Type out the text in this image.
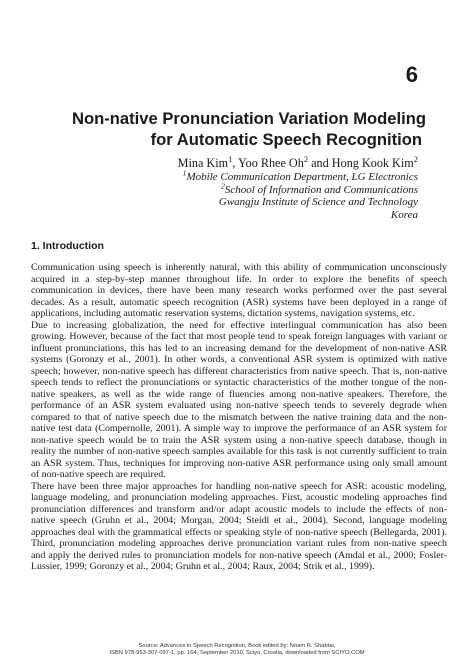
6
Non-native Pronunciation Variation Modeling
for Automatic Speech Recognition
Mina Kim$^1$, Yoo Rhee Oh$^2$ and Hong Kook Kim$^2$
$^1$Mobile Communication Department, LG Electronics
$^2$School of Information and Communications
Gwangju Institute of Science and Technology
Korea
1. Introduction

Communication using speech is inherently natural, with this ability of communication unconsciously acquired in a step-by-step manner throughout life. In order to explore the benefits of speech communication in devices, there have been many research works performed over the past several decades. As a result, automatic speech recognition (ASR) systems have been deployed in a range of applications, including automatic reservation systems, dictation systems, navigation systems, etc.

Due to increasing globalization, the need for effective interlingual communication has also been growing. However, because of the fact that most people tend to speak foreign languages with variant or influent pronunciations, this has led to an increasing demand for the development of non-native ASR systems (Goronzy et al., 2001). In other words, a conventional ASR system is optimized with native speech; however, non-native speech has different characteristics from native speech. That is, non-native speech tends to reflect the pronunciations or syntactic characteristics of the mother tongue of the non-native speakers, as well as the wide range of fluencies among non-native speakers. Therefore, the performance of an ASR system evaluated using non-native speech tends to severely degrade when compared to that of native speech due to the mismatch between the native training data and the non-native test data (Compernolle, 2001). A simple way to improve the performance of an ASR system for non-native speech would be to train the ASR system using a non-native speech database, though in reality the number of non-native speech samples available for this task is not currently sufficient to train an ASR system. Thus, techniques for improving non-native ASR performance using only small amount of non-native speech are required.

There have been three major approaches for handling non-native speech for ASR: acoustic modeling, language modeling, and pronunciation modeling approaches. First, acoustic modeling approaches find pronunciation differences and transform and/or adapt acoustic models to include the effects of non-native speech (Gruhn et al., 2004; Morgan, 2004; Steidl et al., 2004). Second, language modeling approaches deal with the grammatical effects or speaking style of non-native speech (Bellegarda, 2001). Third, pronunciation modeling approaches derive pronunciation variant rules from non-native speech and apply the derived rules to pronunciation models for non-native speech (Amdal et al., 2000; Fosler-Lussier, 1999; Goronzy et al., 2004; Gruhn et al., 2004; Raux, 2004; Strik et al., 1999).

Source: Advances in Speech Recognition, Book edited by: Noam R. Shabtai,
ISBN 978-953-307-097-1, pp. 164, September 2010, Sciyo, Croatia, downloaded from SCIYO.COM
